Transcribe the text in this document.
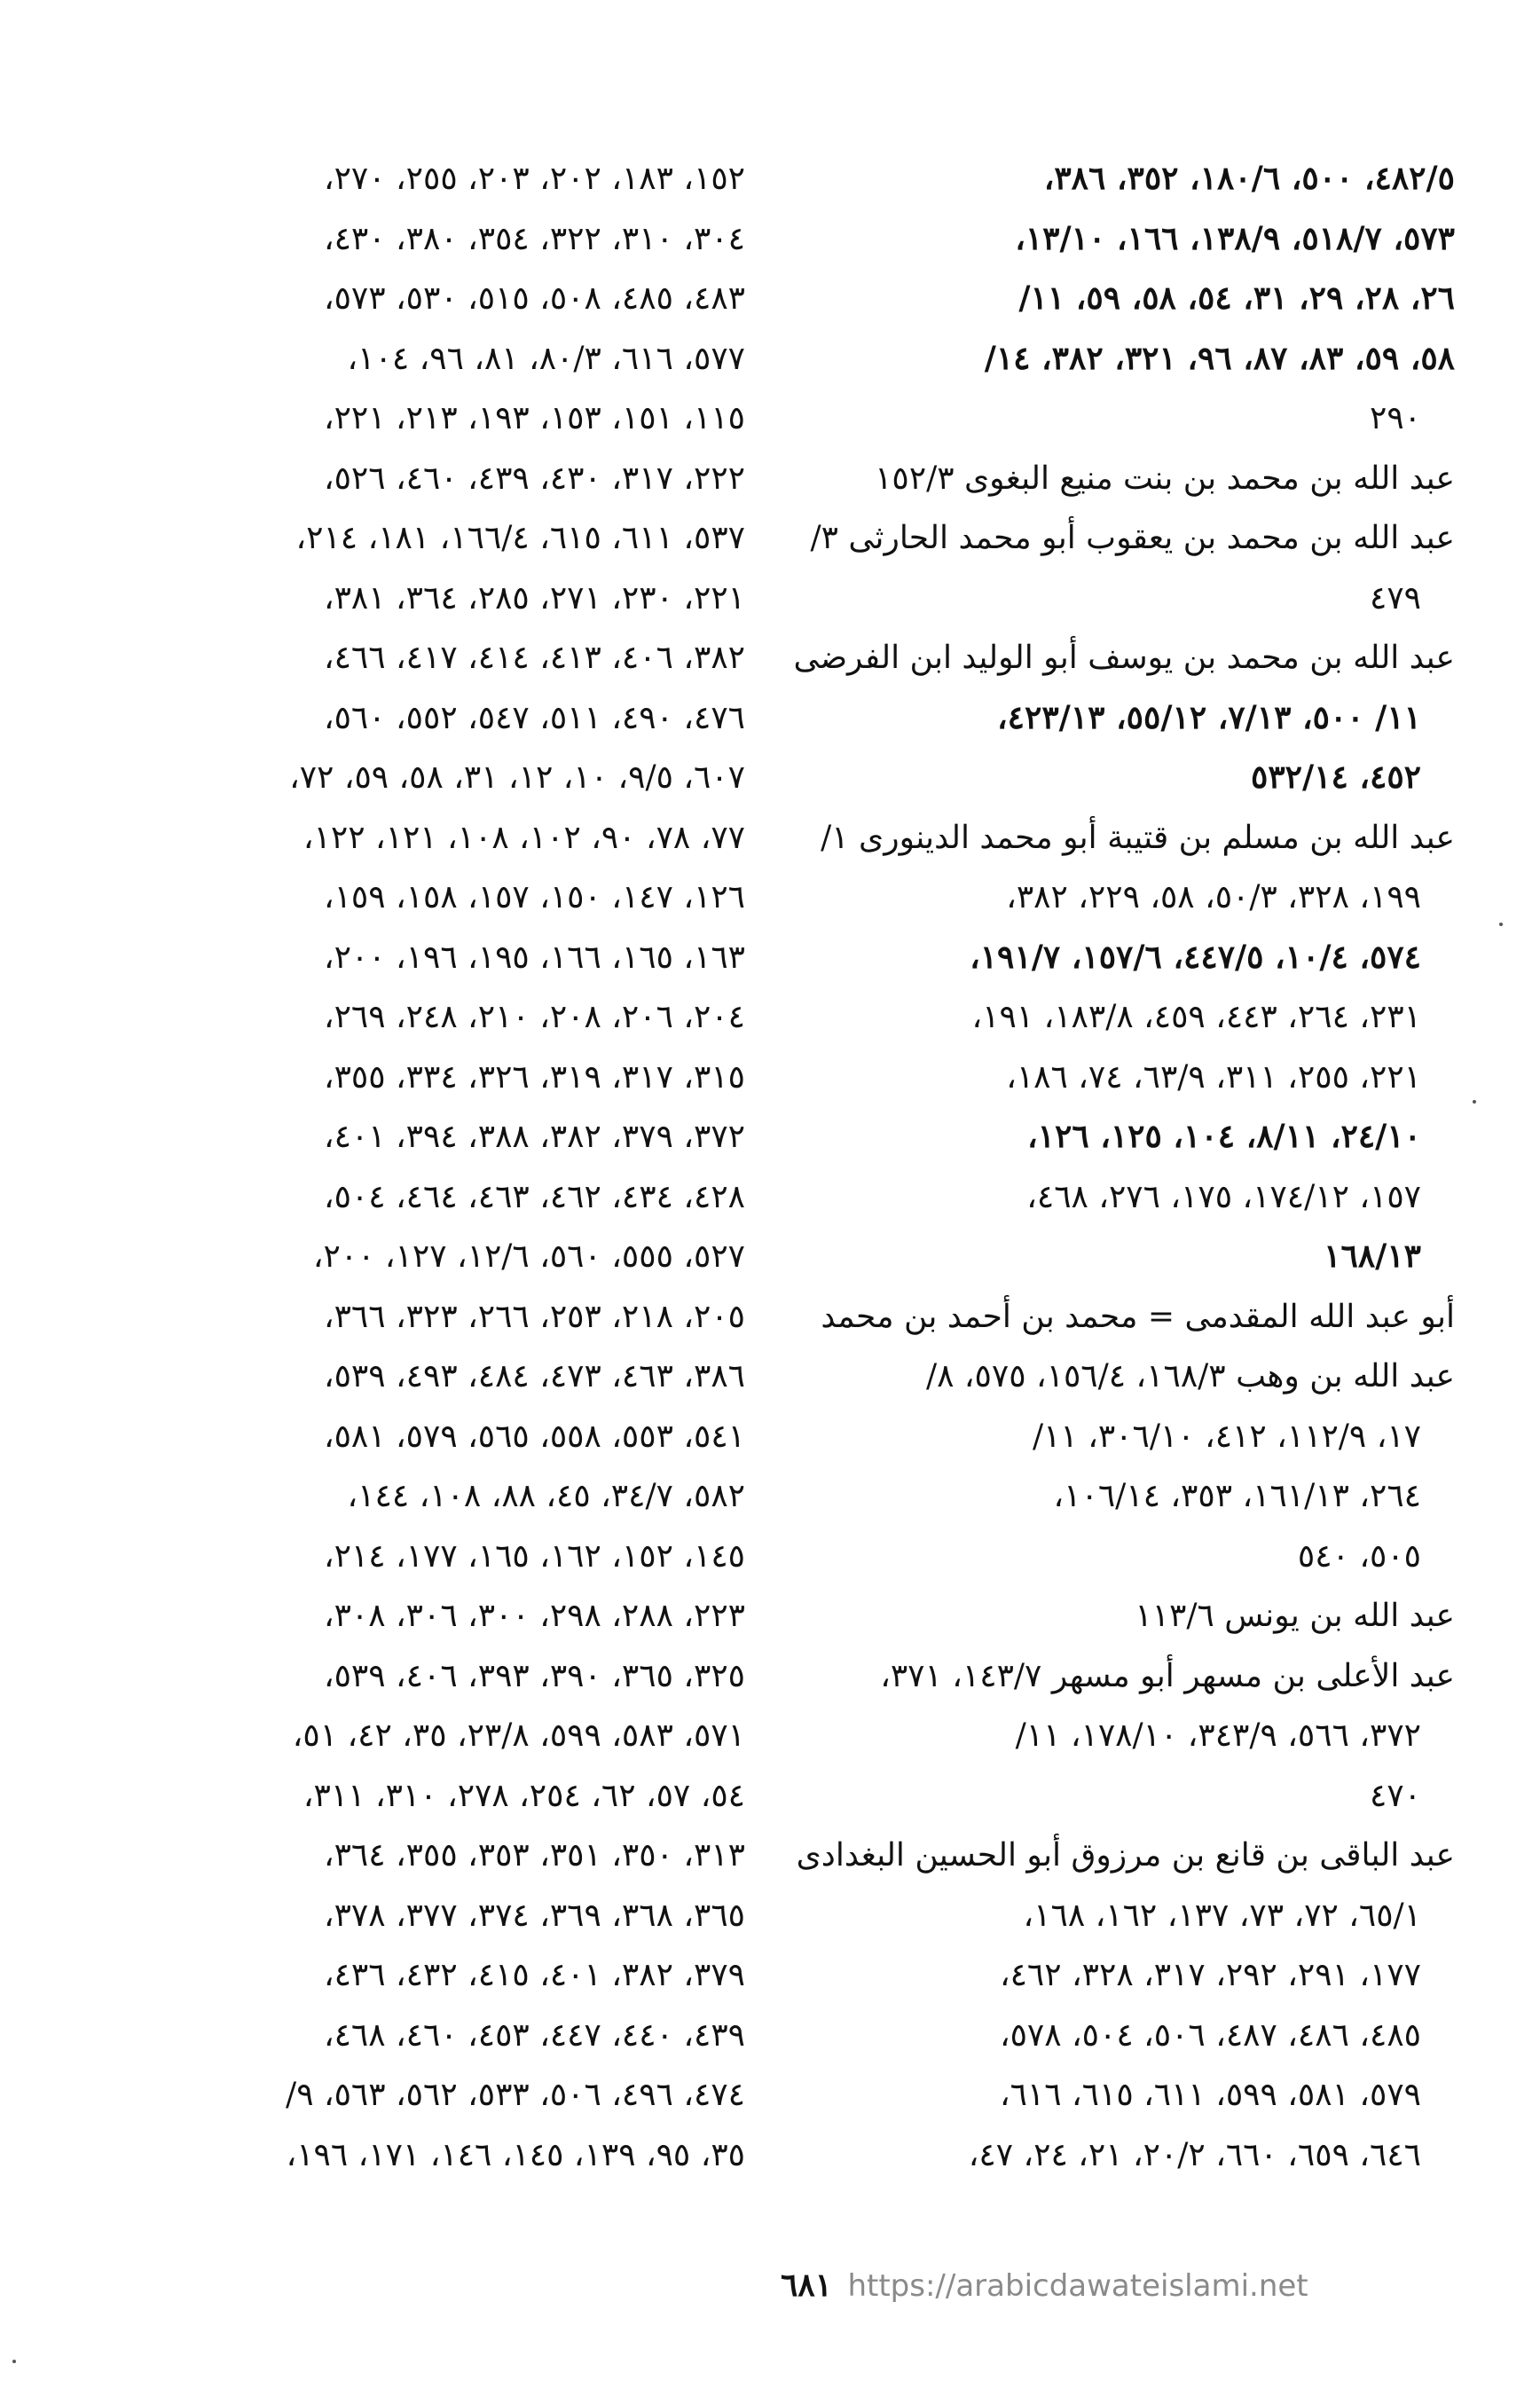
٤٨٢/٥، ٥٠٠، ١٨٠/٦، ٣٥٢، ٣٨٦،
٥٧٣، ٥١٨/٧، ١٣٨/٩، ١٦٦، ١٣/١٠،
٢٦، ٢٨، ٢٩، ٣١، ٥٤، ٥٨، ٥٩، ١١/
٥٨، ٥٩، ٨٣، ٨٧، ٩٦، ٣٢١، ٣٨٢، ١٤/
٢٩٠
عبد الله بن محمد بن بنت منيع البغوى ١٥٢/٣
عبد الله بن محمد بن يعقوب أبو محمد الحارثى ٣/
٤٧٩
عبد الله بن محمد بن يوسف أبو الوليد ابن الفرضى
١١/ ٥٠٠، ٧/١٣، ٥٥/١٢، ٤٢٣/١٣،
٤٥٢، ٥٣٢/١٤
عبد الله بن مسلم بن قتيبة أبو محمد الدينورى ١/
١٩٩، ٣٢٨، ٥٠/٣، ٥٨، ٢٢٩، ٣٨٢،
٥٧٤، ١٠/٤، ٤٤٧/٥، ١٥٧/٦، ١٩١/٧،
٢٣١، ٢٦٤، ٤٤٣، ٤٥٩، ١٨٣/٨، ١٩١،
٢٢١، ٢٥٥، ٣١١، ٦٣/٩، ٧٤، ١٨٦،
٢٤/١٠، ٨/١١، ١٠٤، ١٢٥، ١٢٦،
١٥٧، ١٧٤/١٢، ١٧٥، ٢٧٦، ٤٦٨،
١٦٨/١٣
أبو عبد الله المقدمى = محمد بن أحمد بن محمد
عبد الله بن وهب ١٦٨/٣، ١٥٦/٤، ٥٧٥، ٨/
١٧، ١١٢/٩، ٤١٢، ٣٠٦/١٠، ١١/
٢٦٤، ١٦١/١٣، ٣٥٣، ١٠٦/١٤،
٥٠٥، ٥٤٠
عبد الله بن يونس ١١٣/٦
عبد الأعلى بن مسهر أبو مسهر ١٤٣/٧، ٣٧١،
٣٧٢، ٥٦٦، ٣٤٣/٩، ١٧٨/١٠، ١١/
٤٧٠
عبد الباقى بن قانع بن مرزوق أبو الحسين البغدادى
٦٥/١، ٧٢، ٧٣، ١٣٧، ١٦٢، ١٦٨،
١٧٧، ٢٩١، ٢٩٢، ٣١٧، ٣٢٨، ٤٦٢،
٤٨٥، ٤٨٦، ٤٨٧، ٥٠٦، ٥٠٤، ٥٧٨،
٥٧٩، ٥٨١، ٥٩٩، ٦١١، ٦١٥، ٦١٦،
٦٤٦، ٦٥٩، ٦٦٠، ٢٠/٢، ٢١، ٢٤، ٤٧،
١٥٢، ١٨٣، ٢٠٢، ٢٠٣، ٢٥٥، ٢٧٠،
٣٠٤، ٣١٠، ٣٢٢، ٣٥٤، ٣٨٠، ٤٣٠،
٤٨٣، ٤٨٥، ٥٠٨، ٥١٥، ٥٣٠، ٥٧٣،
٥٧٧، ٦١٦، ٨٠/٣، ٨١، ٩٦، ١٠٤،
١١٥، ١٥١، ١٥٣، ١٩٣، ٢١٣، ٢٢١،
٢٢٢، ٣١٧، ٤٣٠، ٤٣٩، ٤٦٠، ٥٢٦،
٥٣٧، ٦١١، ٦١٥، ١٦٦/٤، ١٨١، ٢١٤،
٢٢١، ٢٣٠، ٢٧١، ٢٨٥، ٣٦٤، ٣٨١،
٣٨٢، ٤٠٦، ٤١٣، ٤١٤، ٤١٧، ٤٦٦،
٤٧٦، ٤٩٠، ٥١١، ٥٤٧، ٥٥٢، ٥٦٠،
٦٠٧، ٩/٥، ١٠، ١٢، ٣١، ٥٨، ٥٩، ٧٢،
٧٧، ٧٨، ٩٠، ١٠٢، ١٠٨، ١٢١، ١٢٢،
١٢٦، ١٤٧، ١٥٠، ١٥٧، ١٥٨، ١٥٩،
١٦٣، ١٦٥، ١٦٦، ١٩٥، ١٩٦، ٢٠٠،
٢٠٤، ٢٠٦، ٢٠٨، ٢١٠، ٢٤٨، ٢٦٩،
٣١٥، ٣١٧، ٣١٩، ٣٢٦، ٣٣٤، ٣٥٥،
٣٧٢، ٣٧٩، ٣٨٢، ٣٨٨، ٣٩٤، ٤٠١،
٤٢٨، ٤٣٤، ٤٦٢، ٤٦٣، ٤٦٤، ٥٠٤،
٥٢٧، ٥٥٥، ٥٦٠، ١٢/٦، ١٢٧، ٢٠٠،
٢٠٥، ٢١٨، ٢٥٣، ٢٦٦، ٣٢٣، ٣٦٦،
٣٨٦، ٤٦٣، ٤٧٣، ٤٨٤، ٤٩٣، ٥٣٩،
٥٤١، ٥٥٣، ٥٥٨، ٥٦٥، ٥٧٩، ٥٨١،
٥٨٢، ٣٤/٧، ٤٥، ٨٨، ١٠٨، ١٤٤،
١٤٥، ١٥٢، ١٦٢، ١٦٥، ١٧٧، ٢١٤،
٢٢٣، ٢٨٨، ٢٩٨، ٣٠٠، ٣٠٦، ٣٠٨،
٣٢٥، ٣٦٥، ٣٩٠، ٣٩٣، ٤٠٦، ٥٣٩،
٥٧١، ٥٨٣، ٥٩٩، ٢٣/٨، ٣٥، ٤٢، ٥١،
٥٤، ٥٧، ٦٢، ٢٥٤، ٢٧٨، ٣١٠، ٣١١،
٣١٣، ٣٥٠، ٣٥١، ٣٥٣، ٣٥٥، ٣٦٤،
٣٦٥، ٣٦٨، ٣٦٩، ٣٧٤، ٣٧٧، ٣٧٨،
٣٧٩، ٣٨٢، ٤٠١، ٤١٥، ٤٣٢، ٤٣٦،
٤٣٩، ٤٤٠، ٤٤٧، ٤٥٣، ٤٦٠، ٤٦٨،
٤٧٤، ٤٩٦، ٥٠٦، ٥٣٣، ٥٦٢، ٥٦٣، ٩/
٣٥، ٩٥، ١٣٩، ١٤٥، ١٤٦، ١٧١، ١٩٦،
٦٨١ https://arabicdawateislami.net
